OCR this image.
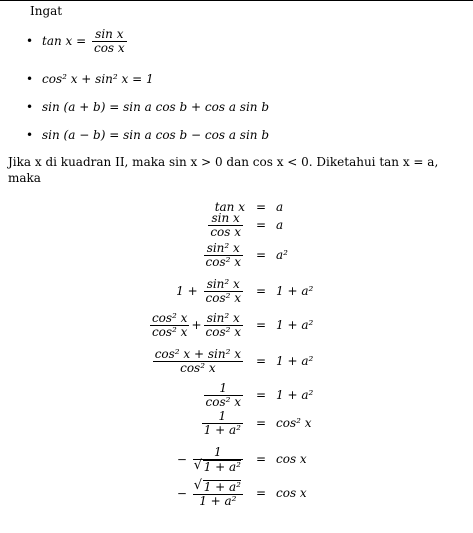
Ingat
• $\tan x = \frac{\text{sin x}}{\text{cos x}}$
• cos² x + sin² x = 1
• sin (a + b) = sin a cos b + cos a sin b
• sin (a − b) = sin a cos b − cos a sin b
Jika x di kuadran II, maka sin x > 0 dan cos x < 0. Diketahui tan x = a, maka
tan x = a
$\frac{\text{sin x}}{\text{cos x}} = a$
$\frac{\text{sin² x}}{\text{cos² x}} = a^2$
$1 + \frac{\text{sin² x}}{\text{cos² x}} = 1 + a^2$
$\frac{\text{cos² x}}{\text{cos² x}} + \frac{\text{sin² x}}{\text{cos² x}} = 1 + a^2$
$\frac{\text{cos² x + sin² x}}{\text{cos² x}} = 1 + a^2$
$\frac{1}{\text{cos² x}} = 1 + a^2$
$\frac{1}{\text{1 + a²}} = \cos^2$ x
− 1
√ 1 + a² = cos x
−
√ $\frac{\text{1 + a²}}{\text{1 + a²}} = \cos x$
